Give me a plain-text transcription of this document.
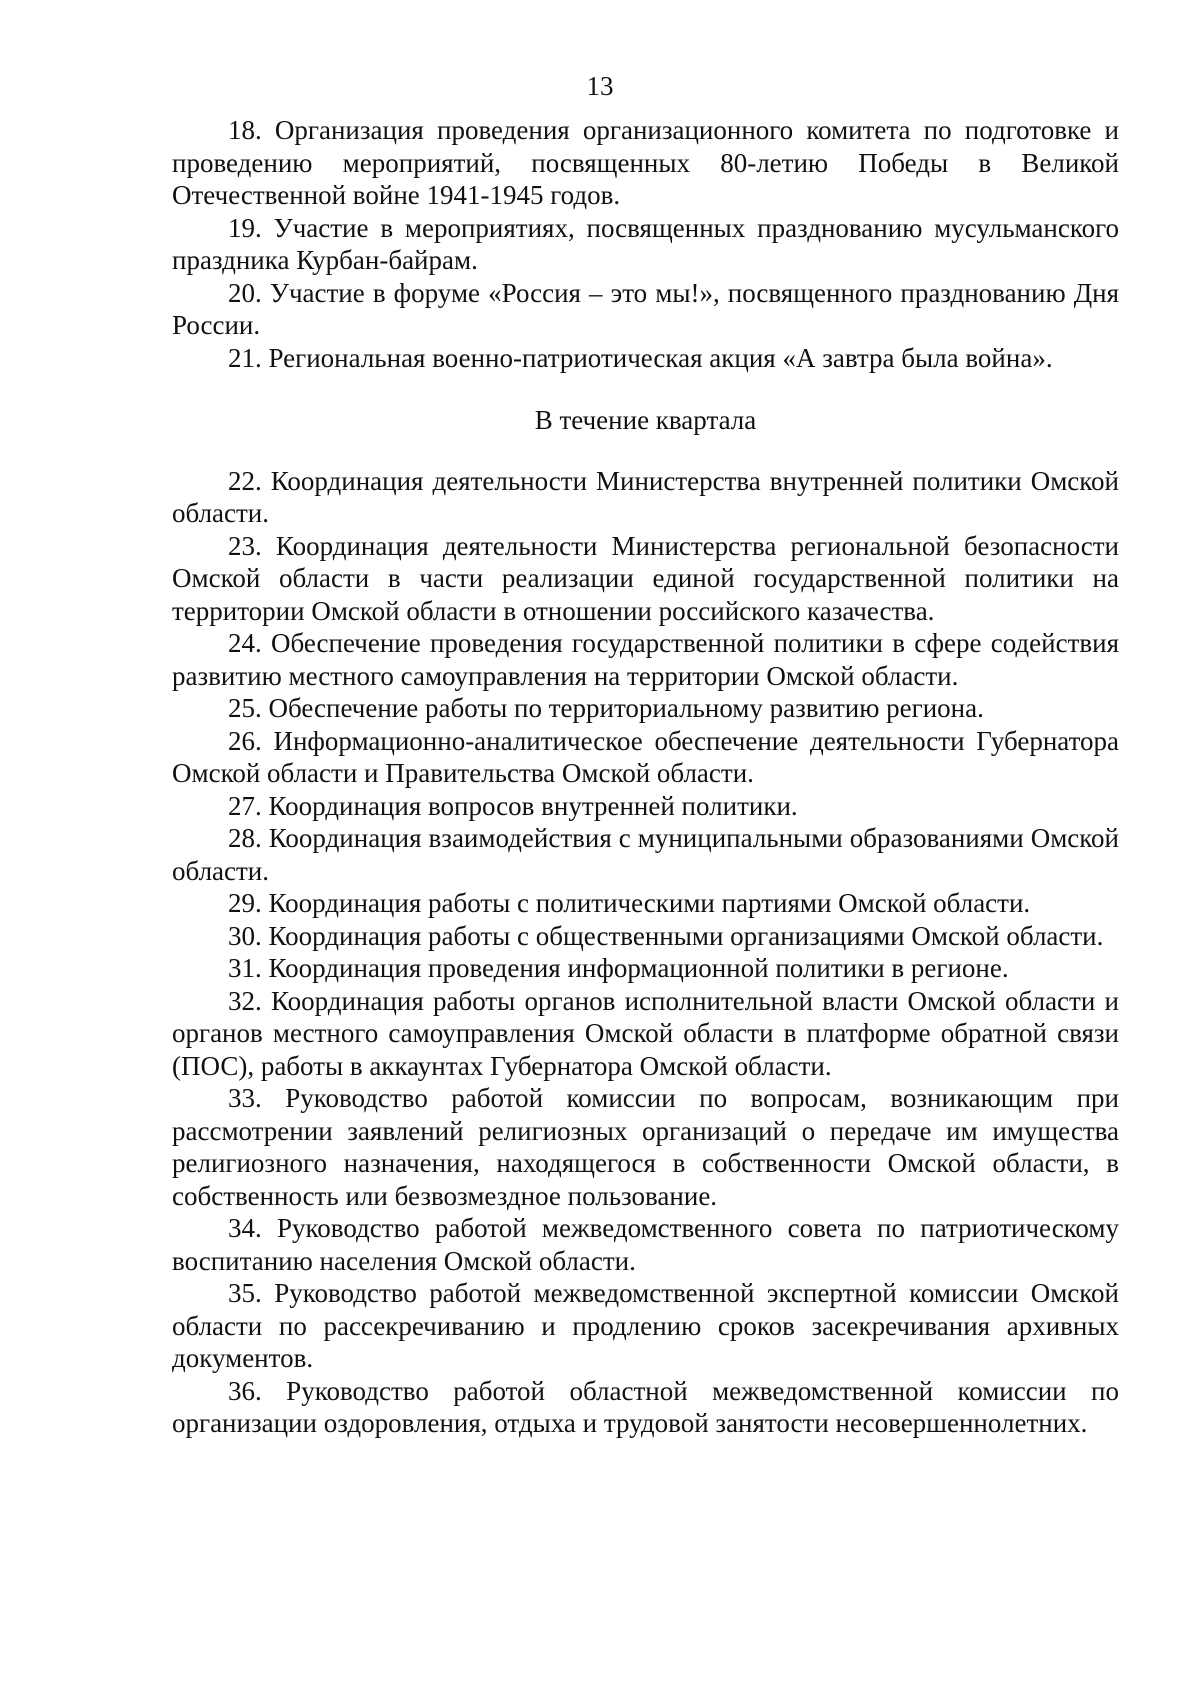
13

18. Организация проведения организационного комитета по подготовке и проведению мероприятий, посвященных 80-летию Победы в Великой Отечественной войне 1941-1945 годов.

19. Участие в мероприятиях, посвященных празднованию мусульманского праздника Курбан-байрам.

20. Участие в форуме «Россия – это мы!», посвященного празднованию Дня России.

21. Региональная военно-патриотическая акция «А завтра была война».

В течение квартала

22. Координация деятельности Министерства внутренней политики Омской области.

23. Координация деятельности Министерства региональной безопасности Омской области в части реализации единой государственной политики на территории Омской области в отношении российского казачества.

24. Обеспечение проведения государственной политики в сфере содействия развитию местного самоуправления на территории Омской области.

25. Обеспечение работы по территориальному развитию региона.

26. Информационно-аналитическое обеспечение деятельности Губернатора Омской области и Правительства Омской области.

27. Координация вопросов внутренней политики.

28. Координация взаимодействия с муниципальными образованиями Омской области.

29. Координация работы с политическими партиями Омской области.

30. Координация работы с общественными организациями Омской области.

31. Координация проведения информационной политики в регионе.

32. Координация работы органов исполнительной власти Омской области и органов местного самоуправления Омской области в платформе обратной связи (ПОС), работы в аккаунтах Губернатора Омской области.

33. Руководство работой комиссии по вопросам, возникающим при рассмотрении заявлений религиозных организаций о передаче им имущества религиозного назначения, находящегося в собственности Омской области, в собственность или безвозмездное пользование.

34. Руководство работой межведомственного совета по патриотическому воспитанию населения Омской области.

35. Руководство работой межведомственной экспертной комиссии Омской области по рассекречиванию и продлению сроков засекречивания архивных документов.

36. Руководство работой областной межведомственной комиссии по организации оздоровления, отдыха и трудовой занятости несовершеннолетних.
